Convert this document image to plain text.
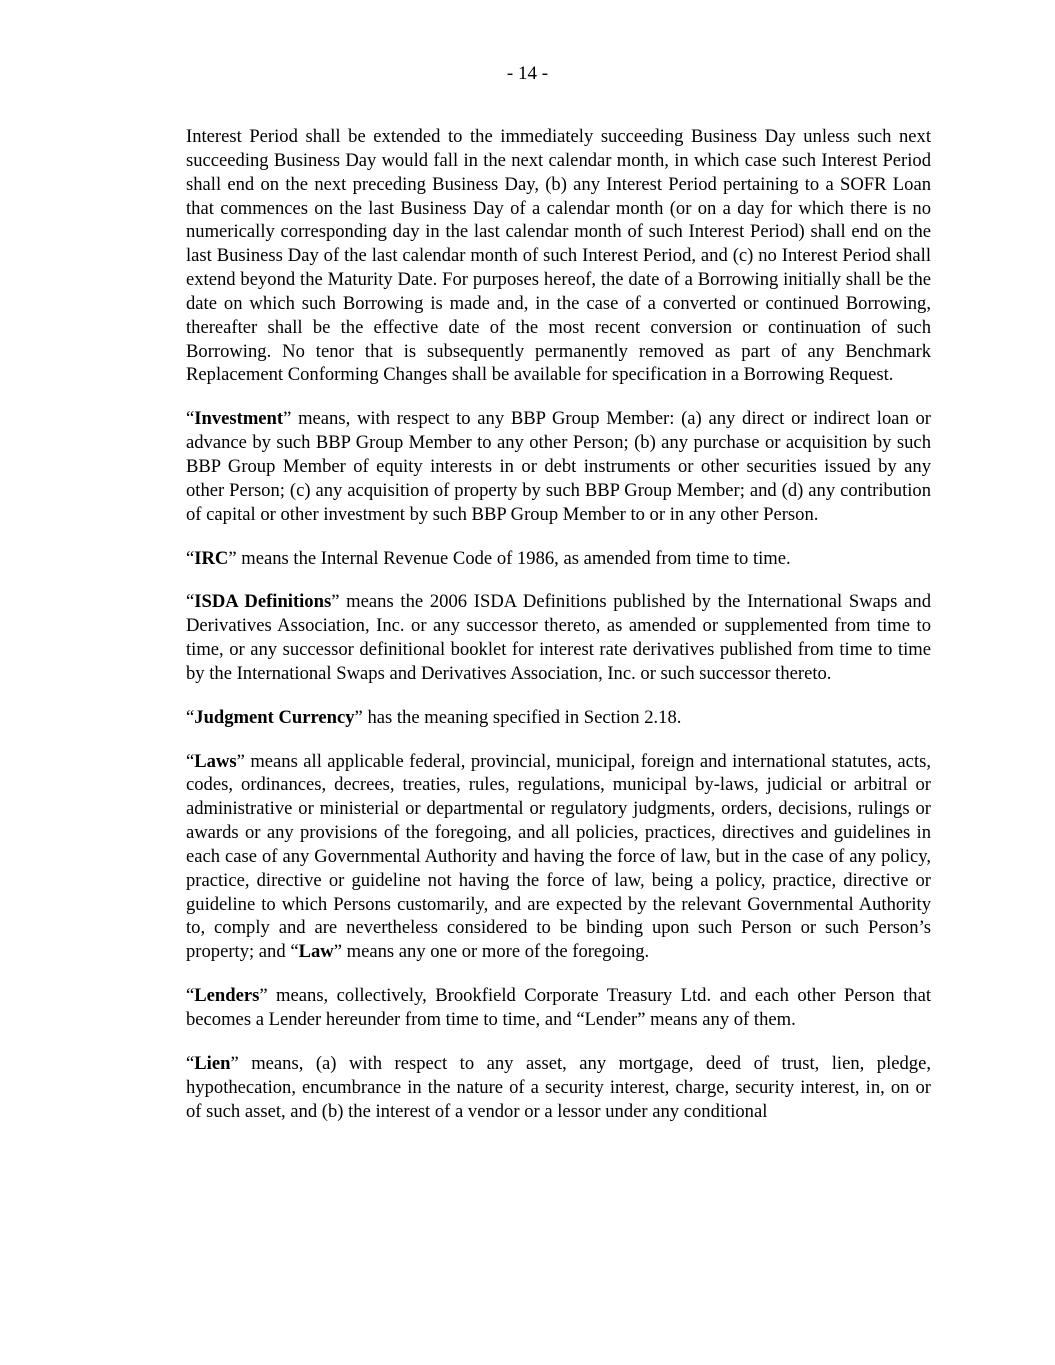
- 14 -

Interest Period shall be extended to the immediately succeeding Business Day unless such next succeeding Business Day would fall in the next calendar month, in which case such Interest Period shall end on the next preceding Business Day, (b) any Interest Period pertaining to a SOFR Loan that commences on the last Business Day of a calendar month (or on a day for which there is no numerically corresponding day in the last calendar month of such Interest Period) shall end on the last Business Day of the last calendar month of such Interest Period, and (c) no Interest Period shall extend beyond the Maturity Date. For purposes hereof, the date of a Borrowing initially shall be the date on which such Borrowing is made and, in the case of a converted or continued Borrowing, thereafter shall be the effective date of the most recent conversion or continuation of such Borrowing. No tenor that is subsequently permanently removed as part of any Benchmark Replacement Conforming Changes shall be available for specification in a Borrowing Request.

“Investment” means, with respect to any BBP Group Member: (a) any direct or indirect loan or advance by such BBP Group Member to any other Person; (b) any purchase or acquisition by such BBP Group Member of equity interests in or debt instruments or other securities issued by any other Person; (c) any acquisition of property by such BBP Group Member; and (d) any contribution of capital or other investment by such BBP Group Member to or in any other Person.

“IRC” means the Internal Revenue Code of 1986, as amended from time to time.

“ISDA Definitions” means the 2006 ISDA Definitions published by the International Swaps and Derivatives Association, Inc. or any successor thereto, as amended or supplemented from time to time, or any successor definitional booklet for interest rate derivatives published from time to time by the International Swaps and Derivatives Association, Inc. or such successor thereto.

“Judgment Currency” has the meaning specified in Section 2.18.

“Laws” means all applicable federal, provincial, municipal, foreign and international statutes, acts, codes, ordinances, decrees, treaties, rules, regulations, municipal by-laws, judicial or arbitral or administrative or ministerial or departmental or regulatory judgments, orders, decisions, rulings or awards or any provisions of the foregoing, and all policies, practices, directives and guidelines in each case of any Governmental Authority and having the force of law, but in the case of any policy, practice, directive or guideline not having the force of law, being a policy, practice, directive or guideline to which Persons customarily, and are expected by the relevant Governmental Authority to, comply and are nevertheless considered to be binding upon such Person or such Person’s property; and “Law” means any one or more of the foregoing.

“Lenders” means, collectively, Brookfield Corporate Treasury Ltd. and each other Person that becomes a Lender hereunder from time to time, and “Lender” means any of them.

“Lien” means, (a) with respect to any asset, any mortgage, deed of trust, lien, pledge, hypothecation, encumbrance in the nature of a security interest, charge, security interest, in, on or of such asset, and (b) the interest of a vendor or a lessor under any conditional
